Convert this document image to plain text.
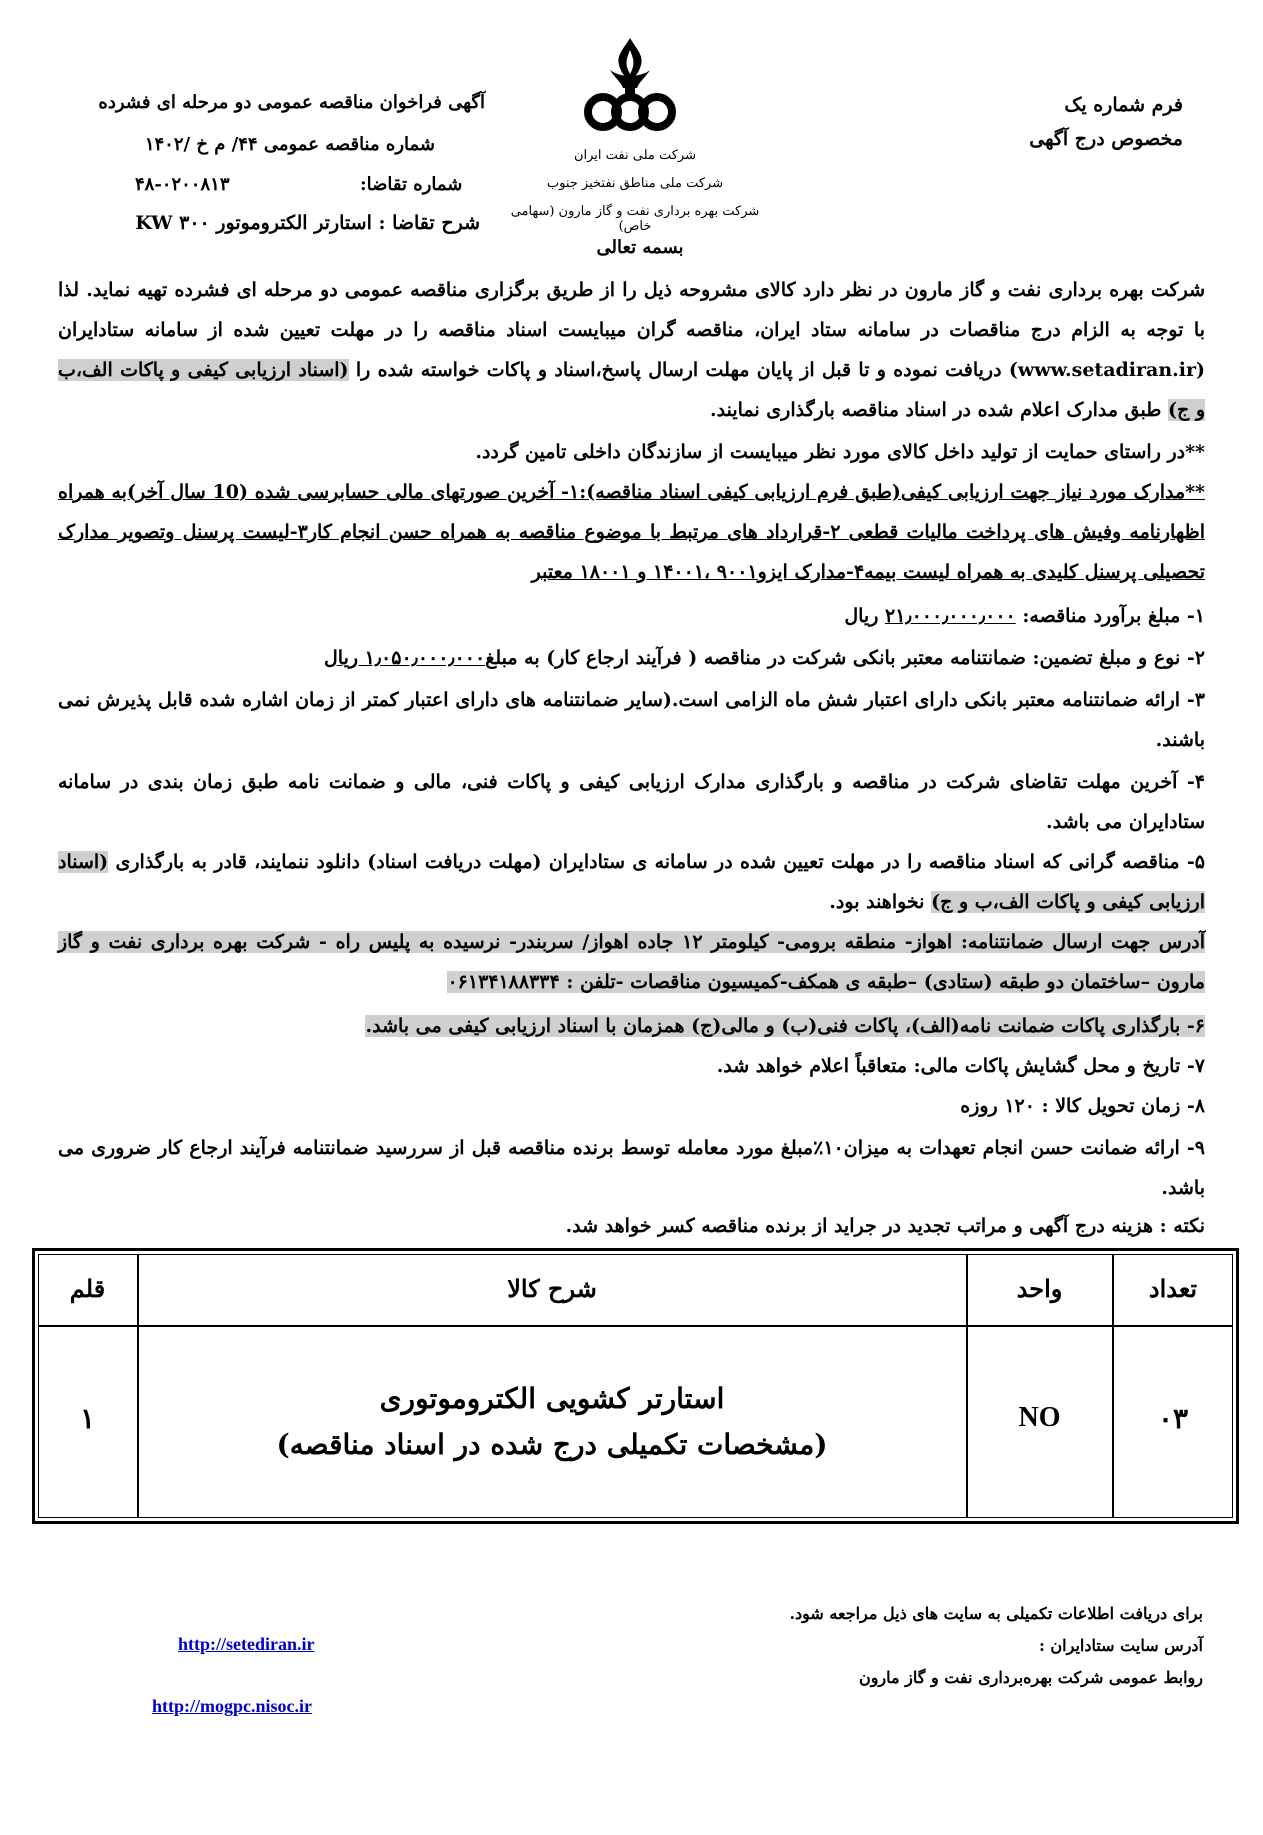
فرم شماره یک
مخصوص درج آگهی
شرکت ملی نفت ایران
شرکت ملی مناطق نفتخیز جنوب
شرکت بهره برداری نفت و گاز مارون (سهامی خاص)
آگهی فراخوان مناقصه عمومی دو مرحله ای فشرده
شماره مناقصه عمومی ۴۴/ م خ /۱۴۰۲
شماره تقاضا:
۴۸-۰۲۰۰۸۱۳
شرح تقاضا : استارتر الکتروموتور ۳۰۰ KW
بسمه تعالی
شرکت بهره برداری نفت و گاز مارون در نظر دارد کالای مشروحه ذیل را از طریق برگزاری مناقصه عمومی دو مرحله ای فشرده تهیه نماید. لذا با توجه به الزام درج مناقصات در سامانه ستاد ایران، مناقصه گران میبایست اسناد مناقصه را در مهلت تعیین شده از سامانه ستادایران (www.setadiran.ir) دریافت نموده و تا قبل از پایان مهلت ارسال پاسخ،اسناد و پاکات خواسته شده را (اسناد ارزیابی کیفی و پاکات الف،ب و ج) طبق مدارک اعلام شده در اسناد مناقصه بارگذاری نمایند.
**در راستای حمایت از تولید داخل کالای مورد نظر میبایست از سازندگان داخلی تامین گردد.
**مدارک مورد نیاز جهت ارزیابی کیفی(طبق فرم ارزیابی کیفی اسناد مناقصه):۱- آخرین صورتهای مالی حسابرسی شده (10 سال آخر)به همراه اظهارنامه وفیش های پرداخت مالیات قطعی ۲-قرارداد های مرتبط با موضوع مناقصه به همراه حسن انجام کار۳-لیست پرسنل وتصویر مدارک تحصیلی پرسنل کلیدی به همراه لیست بیمه۴-مدارک ایزو۹۰۰۱ ،۱۴۰۰۱ و ۱۸۰۰۱ معتبر
۱- مبلغ برآورد مناقصه: ۲۱٫۰۰۰٫۰۰۰٫۰۰۰ ریال
۲- نوع و مبلغ تضمین: ضمانتنامه معتبر بانکی شرکت در مناقصه ( فرآیند ارجاع کار) به مبلغ۱٫۰۵۰٫۰۰۰٫۰۰۰ ریال
۳- ارائه ضمانتنامه معتبر بانکی دارای اعتبار شش ماه الزامی است.(سایر ضمانتنامه های دارای اعتبار کمتر از زمان اشاره شده قابل پذیرش نمی باشند.
۴- آخرین مهلت تقاضای شرکت در مناقصه و بارگذاری مدارک ارزیابی کیفی و پاکات فنی، مالی و ضمانت نامه طبق زمان بندی در سامانه ستادایران می باشد.
۵- مناقصه گرانی که اسناد مناقصه را در مهلت تعیین شده در سامانه ی ستادایران (مهلت دریافت اسناد) دانلود ننمایند، قادر به بارگذاری (اسناد ارزیابی کیفی و پاکات الف،ب و ج) نخواهند بود.
آدرس جهت ارسال ضمانتنامه: اهواز- منطقه برومی- کیلومتر ۱۲ جاده اهواز/ سربندر- نرسیده به پلیس راه - شرکت بهره برداری نفت و گاز مارون –ساختمان دو طبقه (ستادی) –طبقه ی همکف-کمیسیون مناقصات -تلفن : ۰۶۱۳۴۱۸۸۳۳۴
۶- بارگذاری پاکات ضمانت نامه(الف)، پاکات فنی(ب) و مالی(ج) همزمان با اسناد ارزیابی کیفی می باشد.
۷- تاریخ و محل گشایش پاکات مالی: متعاقباً اعلام خواهد شد.
۸- زمان تحویل کالا : ۱۲۰ روزه
۹- ارائه ضمانت حسن انجام تعهدات به میزان۱۰٪مبلغ مورد معامله توسط برنده مناقصه قبل از سررسید ضمانتنامه فرآیند ارجاع کار ضروری می باشد.
نکته : هزینه درج آگهی و مراتب تجدید در جراید از برنده مناقصه کسر خواهد شد.
قلم	شرح کالا	واحد	تعداد
۱
استارتر کشویی الکتروموتوری
(مشخصات تکمیلی درج شده در اسناد مناقصه)
NO	۰۳
برای دریافت اطلاعات تکمیلی به سایت های ذیل مراجعه شود.
آدرس سایت ستادایران :
روابط عمومی شرکت بهره‌برداری نفت و گاز مارون
http://setediran.ir
http://mogpc.nisoc.ir
